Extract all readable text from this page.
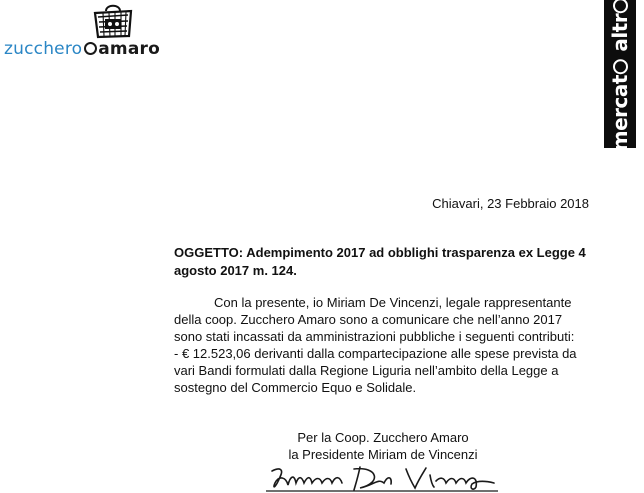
zucchero amaro
mercat altr
Chiavari, 23 Febbraio 2018
OGGETTO: Adempimento 2017 ad obblighi trasparenza ex Legge 4 agosto 2017 m. 124.

Con la presente, io Miriam De Vincenzi, legale rappresentante della coop. Zucchero Amaro sono a comunicare che nell’anno 2017 sono stati incassati da amministrazioni pubbliche i seguenti contributi:

- € 12.523,06 derivanti dalla compartecipazione alle spese prevista da vari Bandi formulati dalla Regione Liguria nell’ambito della Legge a sostegno del Commercio Equo e Solidale.

Per la Coop. Zucchero Amaro
la Presidente Miriam de Vincenzi
